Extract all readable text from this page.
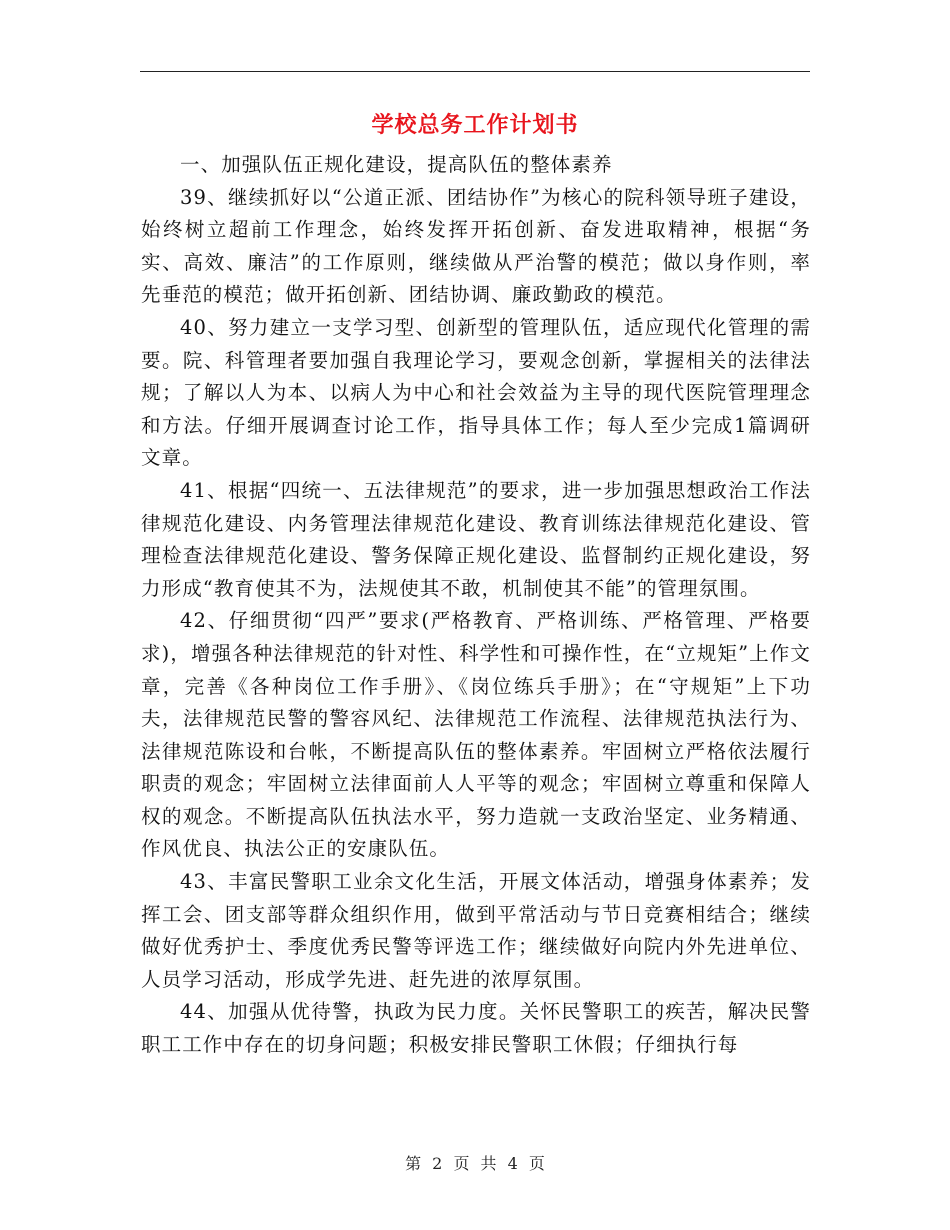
学校总务工作计划书

一、加强队伍正规化建设，提高队伍的整体素养

39、继续抓好以“公道正派、团结协作”为核心的院科领导班子建设，始终树立超前工作理念，始终发挥开拓创新、奋发进取精神，根据“务实、高效、廉洁”的工作原则，继续做从严治警的模范；做以身作则，率先垂范的模范；做开拓创新、团结协调、廉政勤政的模范。

40、努力建立一支学习型、创新型的管理队伍，适应现代化管理的需要。院、科管理者要加强自我理论学习，要观念创新，掌握相关的法律法规；了解以人为本、以病人为中心和社会效益为主导的现代医院管理理念和方法。仔细开展调查讨论工作，指导具体工作；每人至少完成1篇调研文章。

41、根据“四统一、五法律规范”的要求，进一步加强思想政治工作法律规范化建设、内务管理法律规范化建设、教育训练法律规范化建设、管理检查法律规范化建设、警务保障正规化建设、监督制约正规化建设，努力形成“教育使其不为，法规使其不敢，机制使其不能”的管理氛围。

42、仔细贯彻“四严”要求(严格教育、严格训练、严格管理、严格要求)，增强各种法律规范的针对性、科学性和可操作性，在“立规矩”上作文章，完善《各种岗位工作手册》、《岗位练兵手册》；在“守规矩”上下功夫，法律规范民警的警容风纪、法律规范工作流程、法律规范执法行为、法律规范陈设和台帐，不断提高队伍的整体素养。牢固树立严格依法履行职责的观念；牢固树立法律面前人人平等的观念；牢固树立尊重和保障人权的观念。不断提高队伍执法水平，努力造就一支政治坚定、业务精通、作风优良、执法公正的安康队伍。

43、丰富民警职工业余文化生活，开展文体活动，增强身体素养；发挥工会、团支部等群众组织作用，做到平常活动与节日竞赛相结合；继续做好优秀护士、季度优秀民警等评选工作；继续做好向院内外先进单位、人员学习活动，形成学先进、赶先进的浓厚氛围。

44、加强从优待警，执政为民力度。关怀民警职工的疾苦，解决民警职工工作中存在的切身问题；积极安排民警职工休假；仔细执行每

第 2 页 共 4 页
